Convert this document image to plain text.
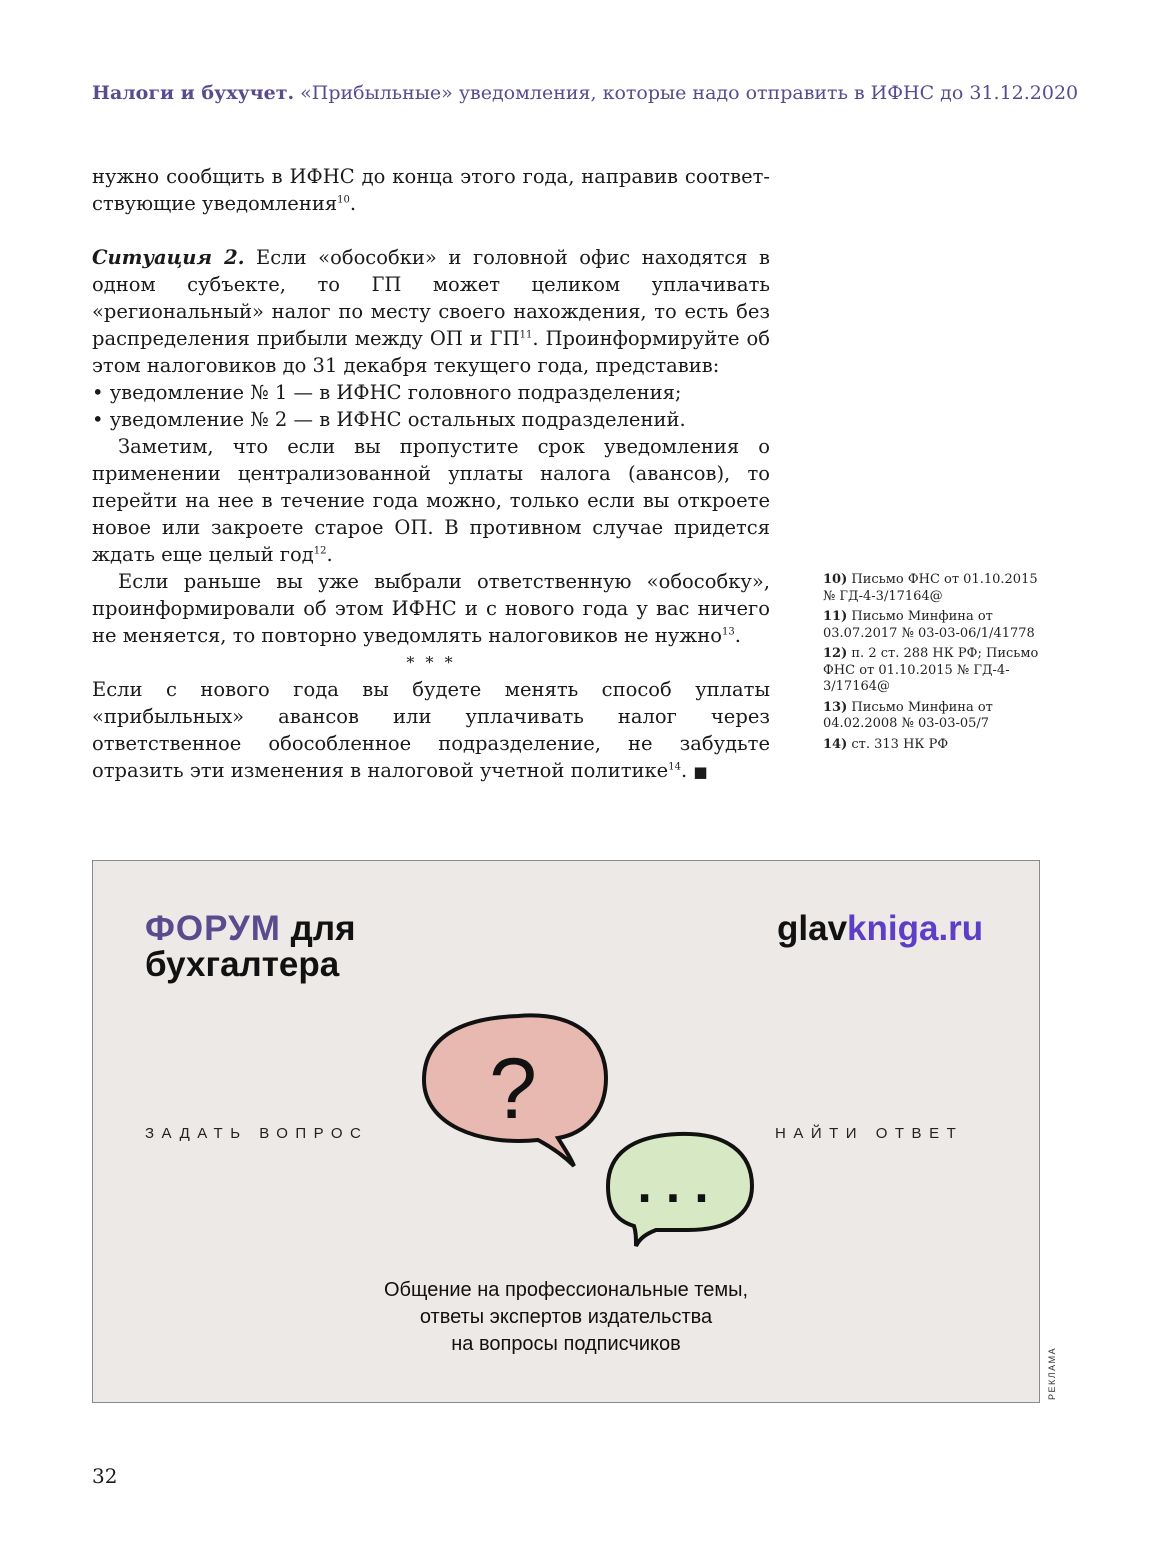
Налоги и бухучет. «Прибыльные» уведомления, которые надо отправить в ИФНС до 31.12.2020

нужно сообщить в ИФНС до конца этого года, направив соответствующие уведомления$^{10}$.

Ситуация 2. Если «обособки» и головной офис находятся в одном субъекте, то ГП может целиком уплачивать «региональный» налог по месту своего нахождения, то есть без распределения прибыли между ОП и ГП$^{11}$. Проинформируйте об этом налоговиков до 31 декабря текущего года, представив:

• уведомление № 1 — в ИФНС головного подразделения;

• уведомление № 2 — в ИФНС остальных подразделений.

Заметим, что если вы пропустите срок уведомления о применении централизованной уплаты налога (авансов), то перейти на нее в течение года можно, только если вы откроете новое или закроете старое ОП. В противном случае придется ждать еще целый год$^{12}$.

Если раньше вы уже выбрали ответственную «обособку», проинформировали об этом ИФНС и с нового года у вас ничего не меняется, то повторно уведомлять налоговиков не нужно$^{13}$.

* * *

Если с нового года вы будете менять способ уплаты «прибыльных» авансов или уплачивать налог через ответственное обособленное подразделение, не забудьте отразить эти изменения в налоговой учетной политике$^{14}$. ■

10) Письмо ФНС от 01.10.2015 № ГД-4-3/17164@
11) Письмо Минфина от 03.07.2017 № 03-03-06/1/41778
12) п. 2 ст. 288 НК РФ; Письмо ФНС от 01.10.2015 № ГД-4-3/17164@
13) Письмо Минфина от 04.02.2008 № 03-03-05/7
14) ст. 313 НК РФ
ФОРУМ для
бухгалтера
glavkniga.ru
ЗАДАТЬ ВОПРОС	НАЙТИ ОТВЕТ
?
...
Общение на профессиональные темы,
ответы экспертов издательства
на вопросы подписчиков
РЕКЛАМА
32
